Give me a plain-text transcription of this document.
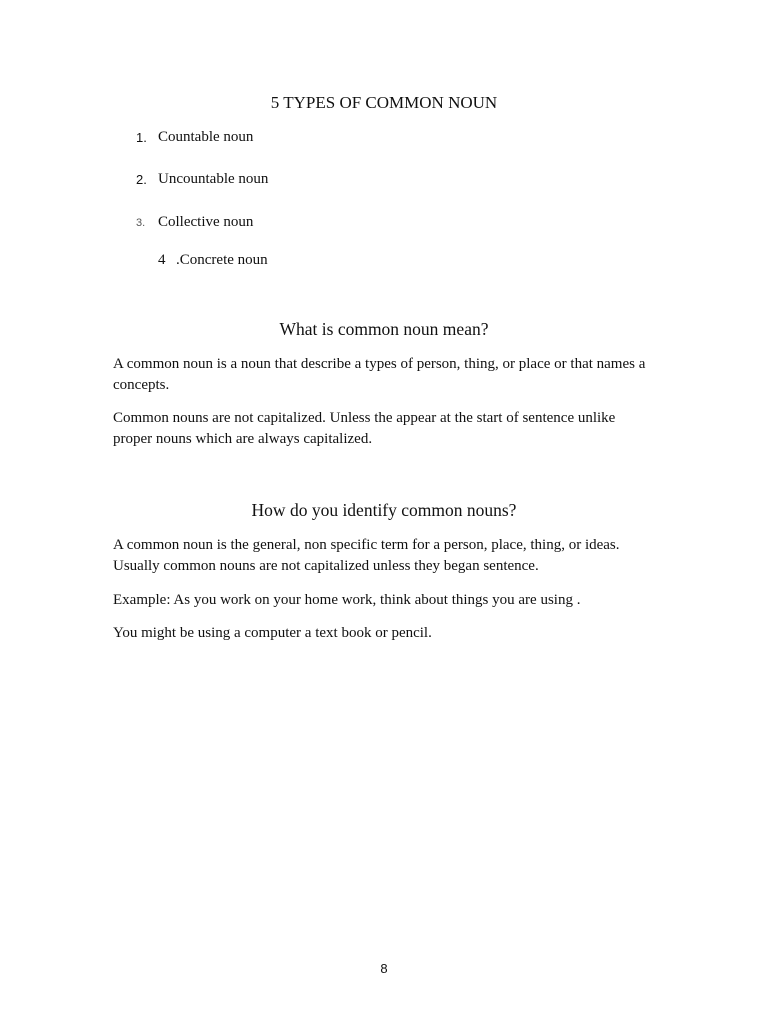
5 TYPES OF COMMON NOUN
1. Countable noun
2. Uncountable noun
3. Collective noun
4 .Concrete noun
What is common noun mean?
A common noun is a noun that describe a types of person, thing, or place or that names a concepts.
Common nouns are not capitalized. Unless the appear at the start of sentence unlike proper nouns which are always capitalized.
How do you identify common nouns?
A common noun is the general, non specific term for a person, place, thing, or ideas. Usually common nouns are not capitalized unless they began sentence.
Example: As you work on your home work, think about things you are using .
You might be using a computer a text book or pencil.
8
